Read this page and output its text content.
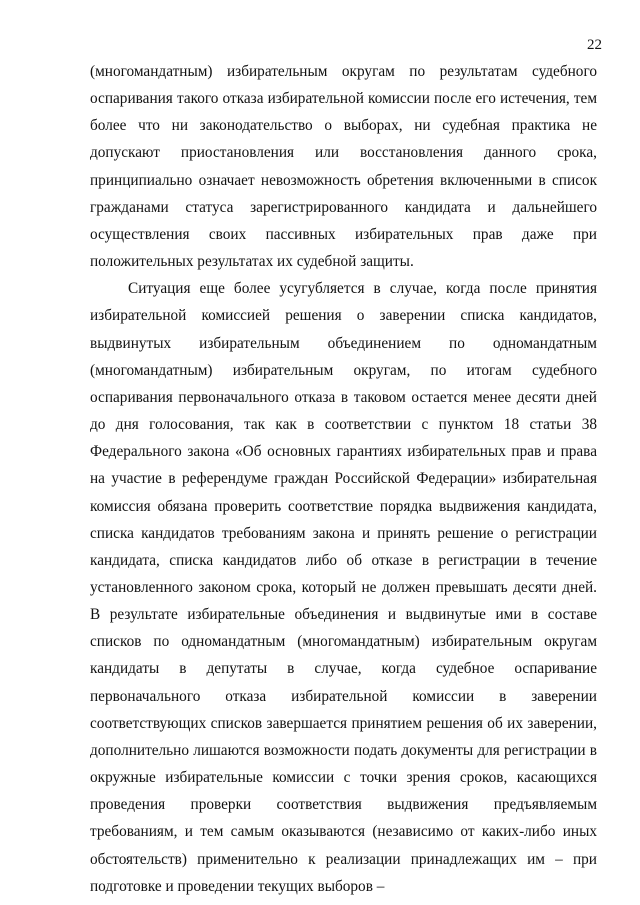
22

(многомандатным) избирательным округам по результатам судебного оспаривания такого отказа избирательной комиссии после его истечения, тем более что ни законодательство о выборах, ни судебная практика не допускают приостановления или восстановления данного срока, принципиально означает невозможность обретения включенными в список гражданами статуса зарегистрированного кандидата и дальнейшего осуществления своих пассивных избирательных прав даже при положительных результатах их судебной защиты.

Ситуация еще более усугубляется в случае, когда после принятия избирательной комиссией решения о заверении списка кандидатов, выдвинутых избирательным объединением по одномандатным (многомандатным) избирательным округам, по итогам судебного оспаривания первоначального отказа в таковом остается менее десяти дней до дня голосования, так как в соответствии с пунктом 18 статьи 38 Федерального закона «Об основных гарантиях избирательных прав и права на участие в референдуме граждан Российской Федерации» избирательная комиссия обязана проверить соответствие порядка выдвижения кандидата, списка кандидатов требованиям закона и принять решение о регистрации кандидата, списка кандидатов либо об отказе в регистрации в течение установленного законом срока, который не должен превышать десяти дней. В результате избирательные объединения и выдвинутые ими в составе списков по одномандатным (многомандатным) избирательным округам кандидаты в депутаты в случае, когда судебное оспаривание первоначального отказа избирательной комиссии в заверении соответствующих списков завершается принятием решения об их заверении, дополнительно лишаются возможности подать документы для регистрации в окружные избирательные комиссии с точки зрения сроков, касающихся проведения проверки соответствия выдвижения предъявляемым требованиям, и тем самым оказываются (независимо от каких-либо иных обстоятельств) применительно к реализации принадлежащих им – при подготовке и проведении текущих выборов –
